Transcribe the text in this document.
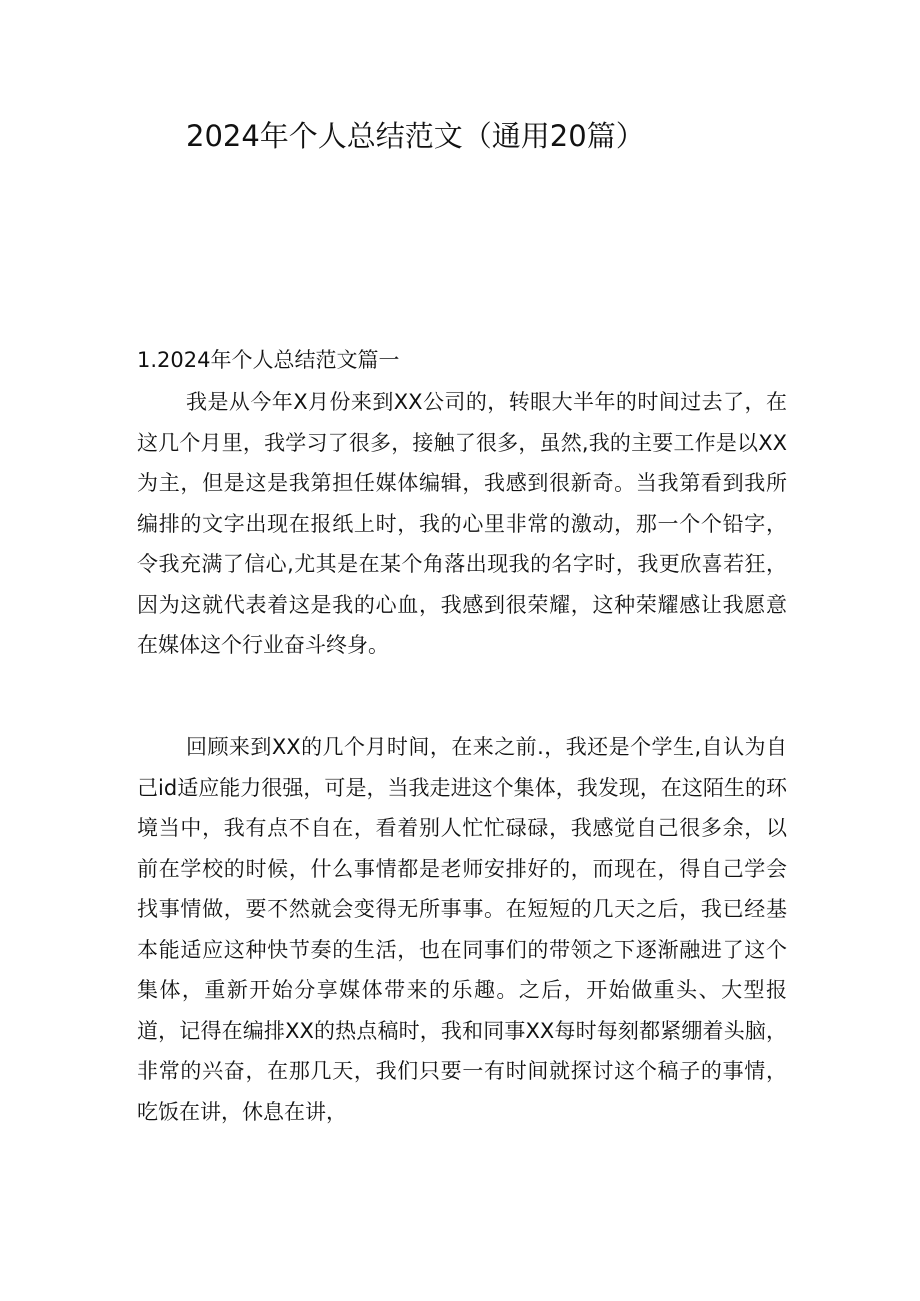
2024年个人总结范文（通用20篇）
1.2024年个人总结范文篇一

我是从今年X月份来到XX公司的，转眼大半年的时间过去了，在这几个月里，我学习了很多，接触了很多，虽然,我的主要工作是以XX为主，但是这是我第担任媒体编辑，我感到很新奇。当我第看到我所编排的文字出现在报纸上时，我的心里非常的激动，那一个个铅字，令我充满了信心,尤其是在某个角落出现我的名字时，我更欣喜若狂，因为这就代表着这是我的心血，我感到很荣耀，这种荣耀感让我愿意在媒体这个行业奋斗终身。

回顾来到XX的几个月时间，在来之前.，我还是个学生,自认为自己id适应能力很强，可是，当我走进这个集体，我发现，在这陌生的环境当中，我有点不自在，看着别人忙忙碌碌，我感觉自己很多余，以前在学校的时候，什么事情都是老师安排好的，而现在，得自己学会找事情做，要不然就会变得无所事事。在短短的几天之后，我已经基本能适应这种快节奏的生活，也在同事们的带领之下逐渐融进了这个集体，重新开始分享媒体带来的乐趣。之后，开始做重头、大型报道，记得在编排XX的热点稿时，我和同事XX每时每刻都紧绷着头脑，非常的兴奋，在那几天，我们只要一有时间就探讨这个稿子的事情，吃饭在讲，休息在讲，
